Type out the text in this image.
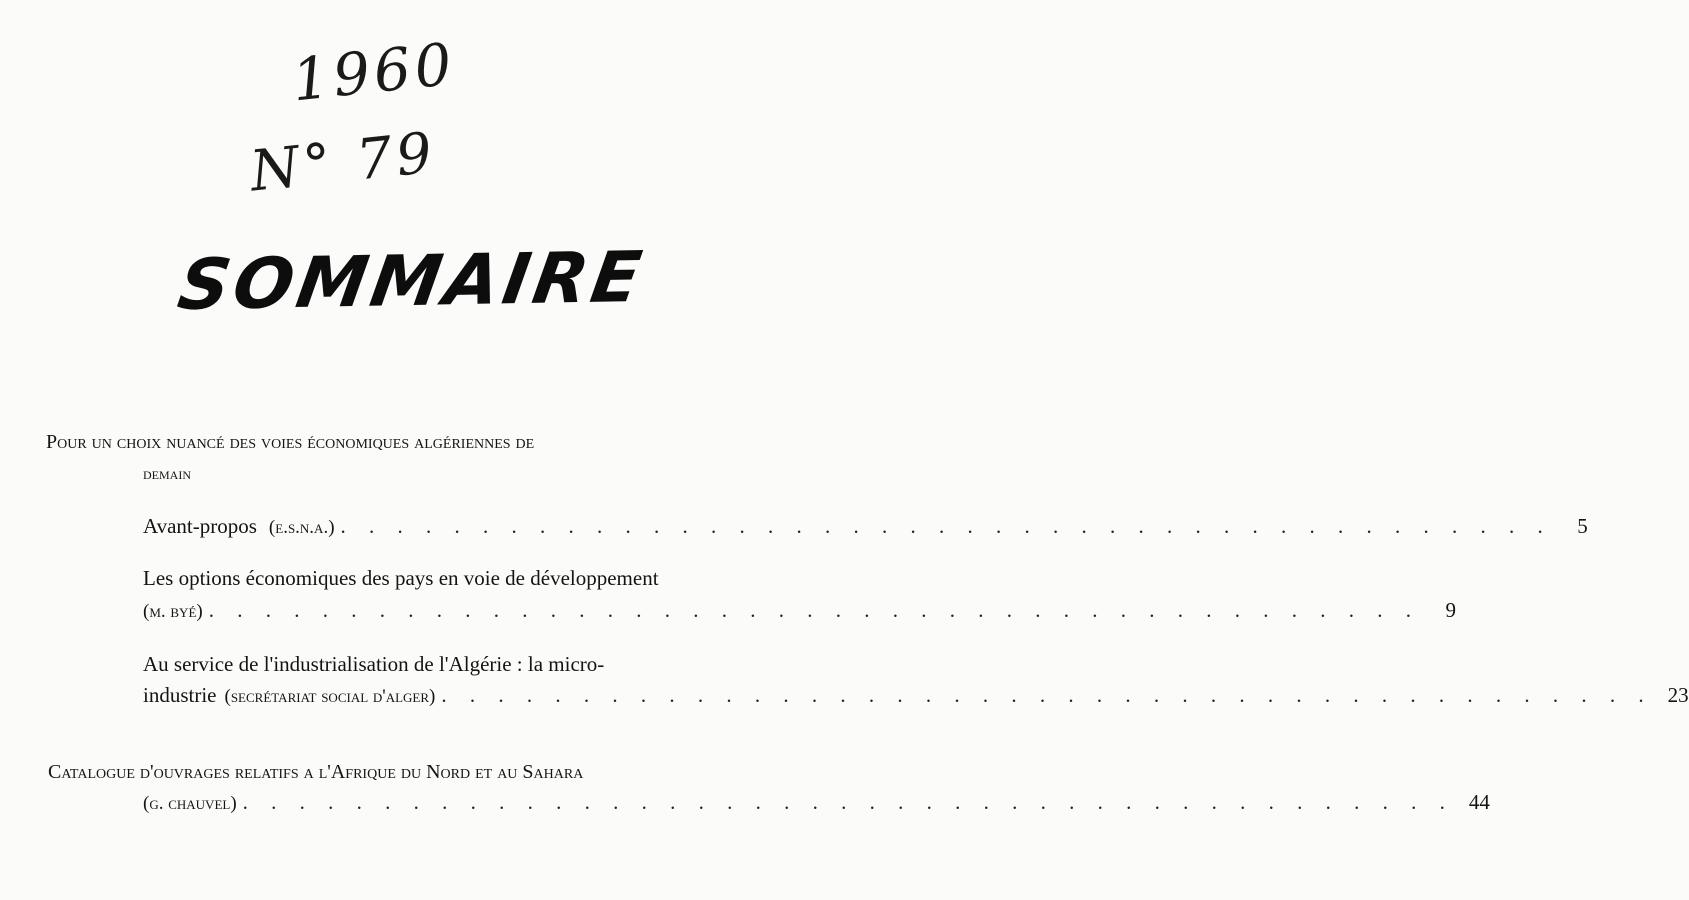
1960
N° 79
SOMMAIRE
Pour un choix nuancé des voies économiques algériennes de
demain
Avant-propos (e.s.n.a.) . . . . . . . . . . . . . . . . . . . . . . . . . . . . . . . . . . . . . . . . . . .	5
Les options économiques des pays en voie de développement
(m. byé) . . . . . . . . . . . . . . . . . . . . . . . . . . . . . . . . . . . . . . . . . . .	9
Au service de l'industrialisation de l'Algérie : la micro-
industrie (secrétariat social d'alger) . . . . . . . . . . . . . . . . . . . . . . . . . . . . . . . . . . . . . . . . . . . 23
Catalogue d'ouvrages relatifs a l'Afrique du Nord et au Sahara
(g. chauvel) . . . . . . . . . . . . . . . . . . . . . . . . . . . . . . . . . . . . . . . . . . . 44
